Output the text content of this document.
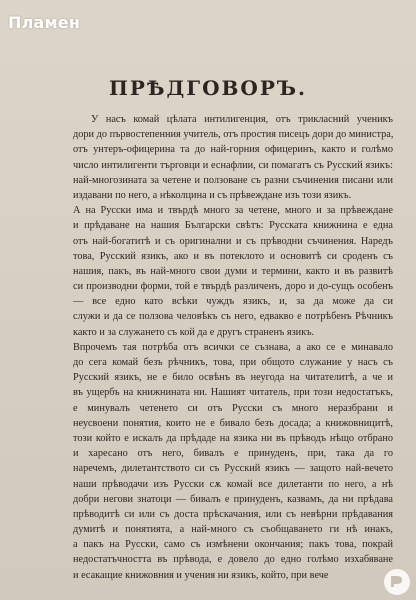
Пламен
ПРѢДГОВОРЪ.
У насъ комай цѣлата интилигенция, отъ трикласний ученикъ
дори до първостепенния учитель, отъ простия писецъ дори до министра,
отъ унтеръ-офицерина та до най-горния офицеринъ, както и голѣмо
число интилигенти търговци и еснафлии, си помагатъ съ Русский язикъ:
най-многозината за четене и ползоване съ разни съчинения писани или
издавани по него, а нѣколцина и съ прѣвеждане изъ този язикъ.
А на Русски има и твърдѣ много за четене, много и за прѣвеждане
и прѣдаване на нашия Български свѣтъ: Русската книжнина е една
отъ най-богатитѣ и съ оригинални и съ прѣводни съчинения. Наредъ
това, Русский язикъ, ако и въ потеклото и основитѣ си сроденъ съ
нашия, пакъ, въ най-много свои думи и термини, както и въ развитѣ
си производни форми, той е твърдѣ различенъ, доро и до-сущъ особенъ
— все едно като всѣки чуждъ язикъ, и, за да може да си
служи и да се ползова человѣкъ съ него, едвакво е потрѣбенъ Рѣчникъ
както и за служането съ кой да е другъ страненъ язикъ.
Впрочемъ тая потрѣба отъ всички се съзнава, а ако се е минавало
до сега комай безъ рѣчникъ, това, при общото служание у насъ съ
Русский язикъ, не е било освѣнъ въ неугода на читателитѣ, а че и
въ ущербъ на книжнината ни. Нашият читатель, при този недостатъкъ,
е минувалъ четенето си отъ Русски съ много неразбрани и
неусвоени понятия, които не е бивало безъ досада; а книжовницитѣ,
този който е искалъ да прѣдаде на язика ни въ прѣводъ нѣщо отбрано
и харесано отъ него, бивалъ е принуденъ, при, така да го
наречемъ, дилетантството си съ Русский язикъ — защото най-вечето
наши прѣводачи изъ Русски сѫ комай все дилетанти по него, а нѣ
добри негови знатоци — бивалъ е принуденъ, казвамъ, да ни прѣдава
прѣводитѣ си или съ доста прѣскачания, или съ невѣрни прѣдавания
думитѣ и понятията, а най-много съ съобщаването ги нѣ инакъ,
а пакъ на Русски, само съ измѣнени окончания; пакъ това, покрай
недостатъчността въ прѣвода, е довело до едно голѣмо изхабяване
и есакащие книжовния и учения ни язикъ, който, при вече
